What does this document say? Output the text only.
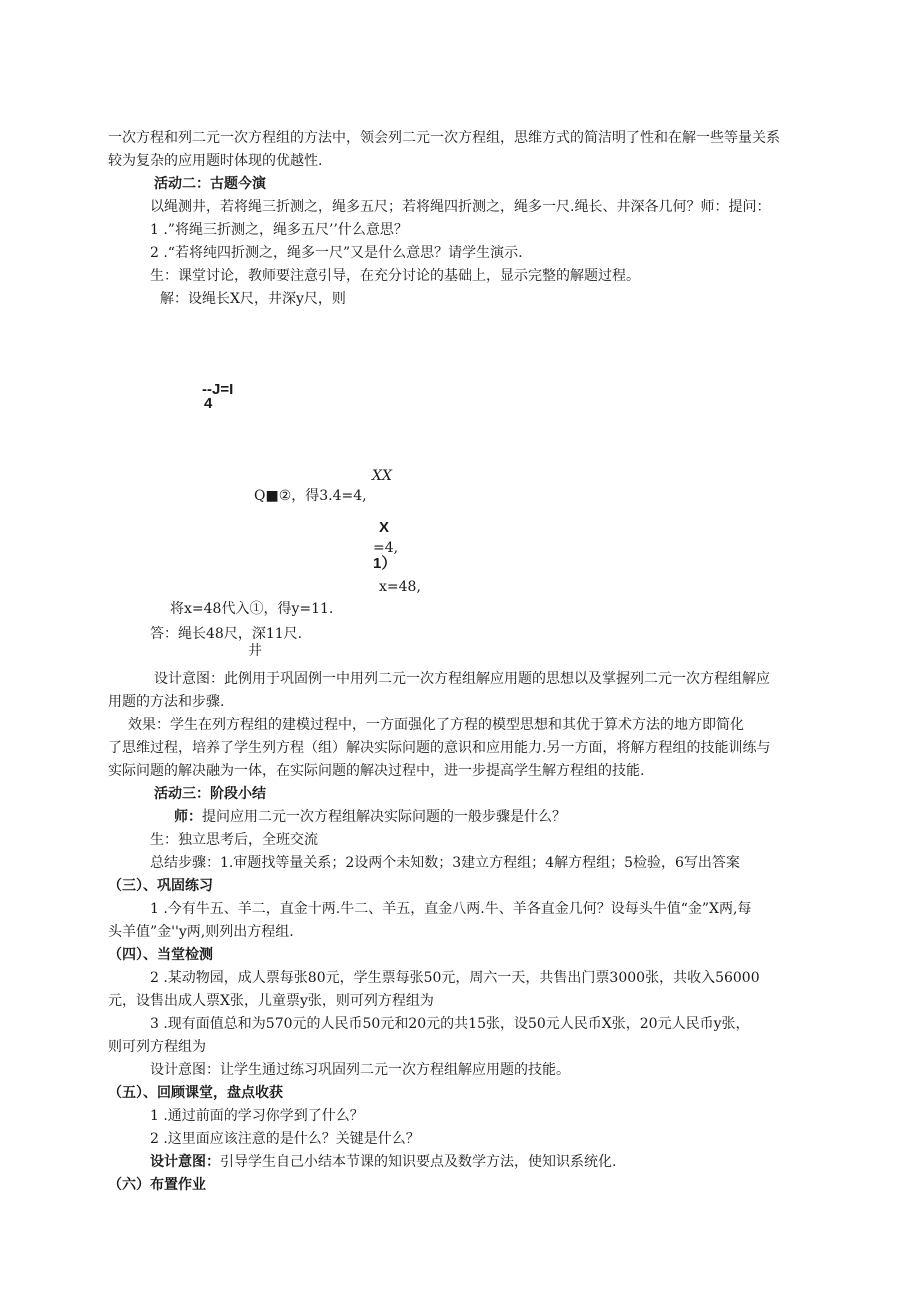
一次方程和列二元一次方程组的方法中，领会列二元一次方程组，思维方式的简洁明了性和在解一些等量关系
较为复杂的应用题时体现的优越性.
活动二：古题今演
以绳测井，若将绳三折测之，绳多五尺；若将绳四折测之，绳多一尺.绳长、井深各几何？师：提问：
1 .”将绳三折测之，绳多五尺’’什么意思？
2 .“若将纯四折测之，绳多一尺”又是什么意思？请学生演示.
生：课堂讨论，教师要注意引导，在充分讨论的基础上，显示完整的解题过程。
解：设绳长X尺，井深y尺，则
--J=I
4
XX
Q■②，得3.4=4,
X
=4,
1）
x=48,
将x=48代入①，得y=11.
答：绳长48尺，深11尺.
井
设计意图：此例用于巩固例一中用列二元一次方程组解应用题的思想以及掌握列二元一次方程组解应
用题的方法和步骤.
效果：学生在列方程组的建模过程中，一方面强化了方程的模型思想和其优于算术方法的地方即简化
了思维过程，培养了学生列方程（组）解决实际问题的意识和应用能力.另一方面，将解方程组的技能训练与
实际问题的解决融为一体，在实际问题的解决过程中，进一步提高学生解方程组的技能.
活动三：阶段小结
师：提问应用二元一次方程组解决实际问题的一般步骤是什么？
生：独立思考后，全班交流
总结步骤：1.审题找等量关系；2设两个未知数；3建立方程组；4解方程组；5检验，6写出答案
（三）、巩固练习
1 .今有牛五、羊二，直金十两.牛二、羊五，直金八两.牛、羊各直金几何？设每头牛值“金”X两,每
头羊值”金''y两,则列出方程组.
（四）、当堂检测
2 .某动物园，成人票每张80元，学生票每张50元，周六一天，共售出门票3000张，共收入56000
元，设售出成人票X张，儿童票y张，则可列方程组为
3 .现有面值总和为570元的人民币50元和20元的共15张，设50元人民币X张，20元人民币y张，
则可列方程组为
设计意图：让学生通过练习巩固列二元一次方程组解应用题的技能。
（五）、回顾课堂，盘点收获
1 .通过前面的学习你学到了什么？
2 .这里面应该注意的是什么？关键是什么？
设计意图：引导学生自己小结本节课的知识要点及数学方法，使知识系统化.
（六）布置作业
